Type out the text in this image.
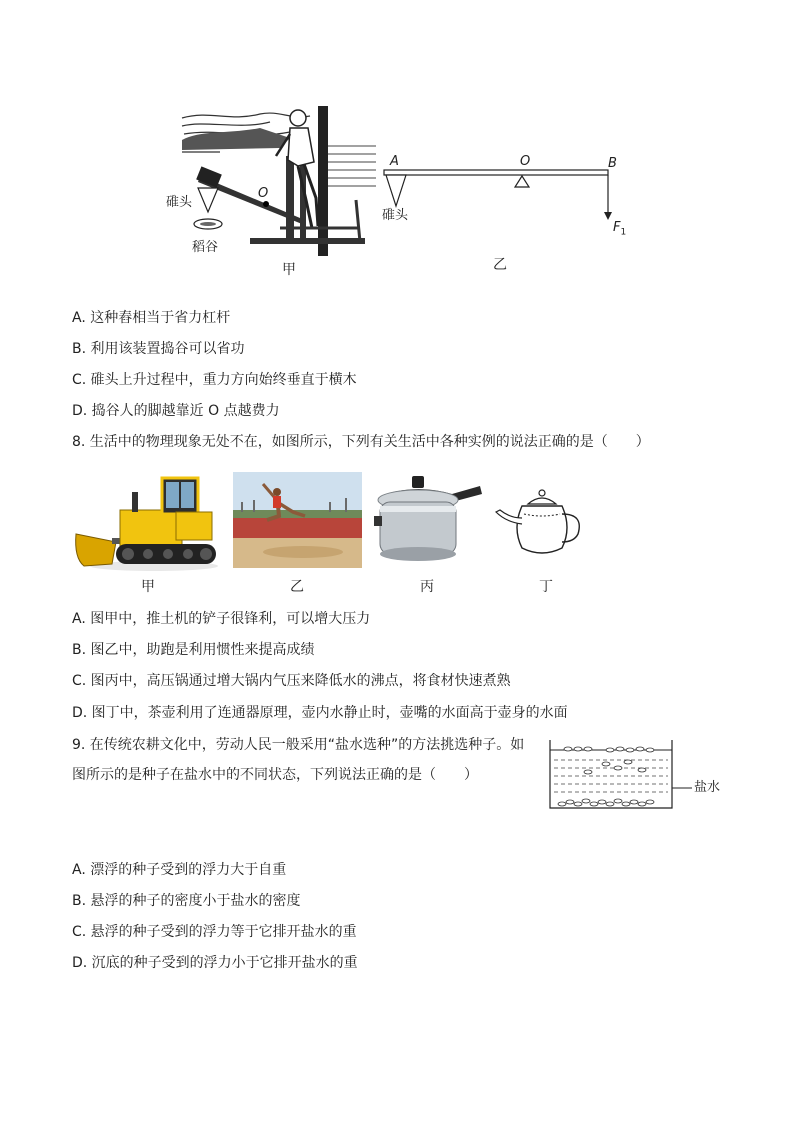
碓头
O
稻谷
甲
A	O	B
$F_1$
碓头
乙
A. 这种舂相当于省力杠杆
B. 利用该装置捣谷可以省功
C. 碓头上升过程中，重力方向始终垂直于横木
D. 捣谷人的脚越靠近 O 点越费力
8. 生活中的物理现象无处不在，如图所示，下列有关生活中各种实例的说法正确的是（　　）
甲	乙	丙	丁
A. 图甲中，推土机的铲子很锋利，可以增大压力
B. 图乙中，助跑是利用惯性来提高成绩
C. 图丙中，高压锅通过增大锅内气压来降低水的沸点，将食材快速煮熟
D. 图丁中，茶壶利用了连通器原理，壶内水静止时，壶嘴的水面高于壶身的水面
9. 在传统农耕文化中，劳动人民一般采用“盐水选种”的方法挑选种子。如
图所示的是种子在盐水中的不同状态，下列说法正确的是（　　）
盐水
A. 漂浮的种子受到的浮力大于自重
B. 悬浮的种子的密度小于盐水的密度
C. 悬浮的种子受到的浮力等于它排开盐水的重
D. 沉底的种子受到的浮力小于它排开盐水的重
